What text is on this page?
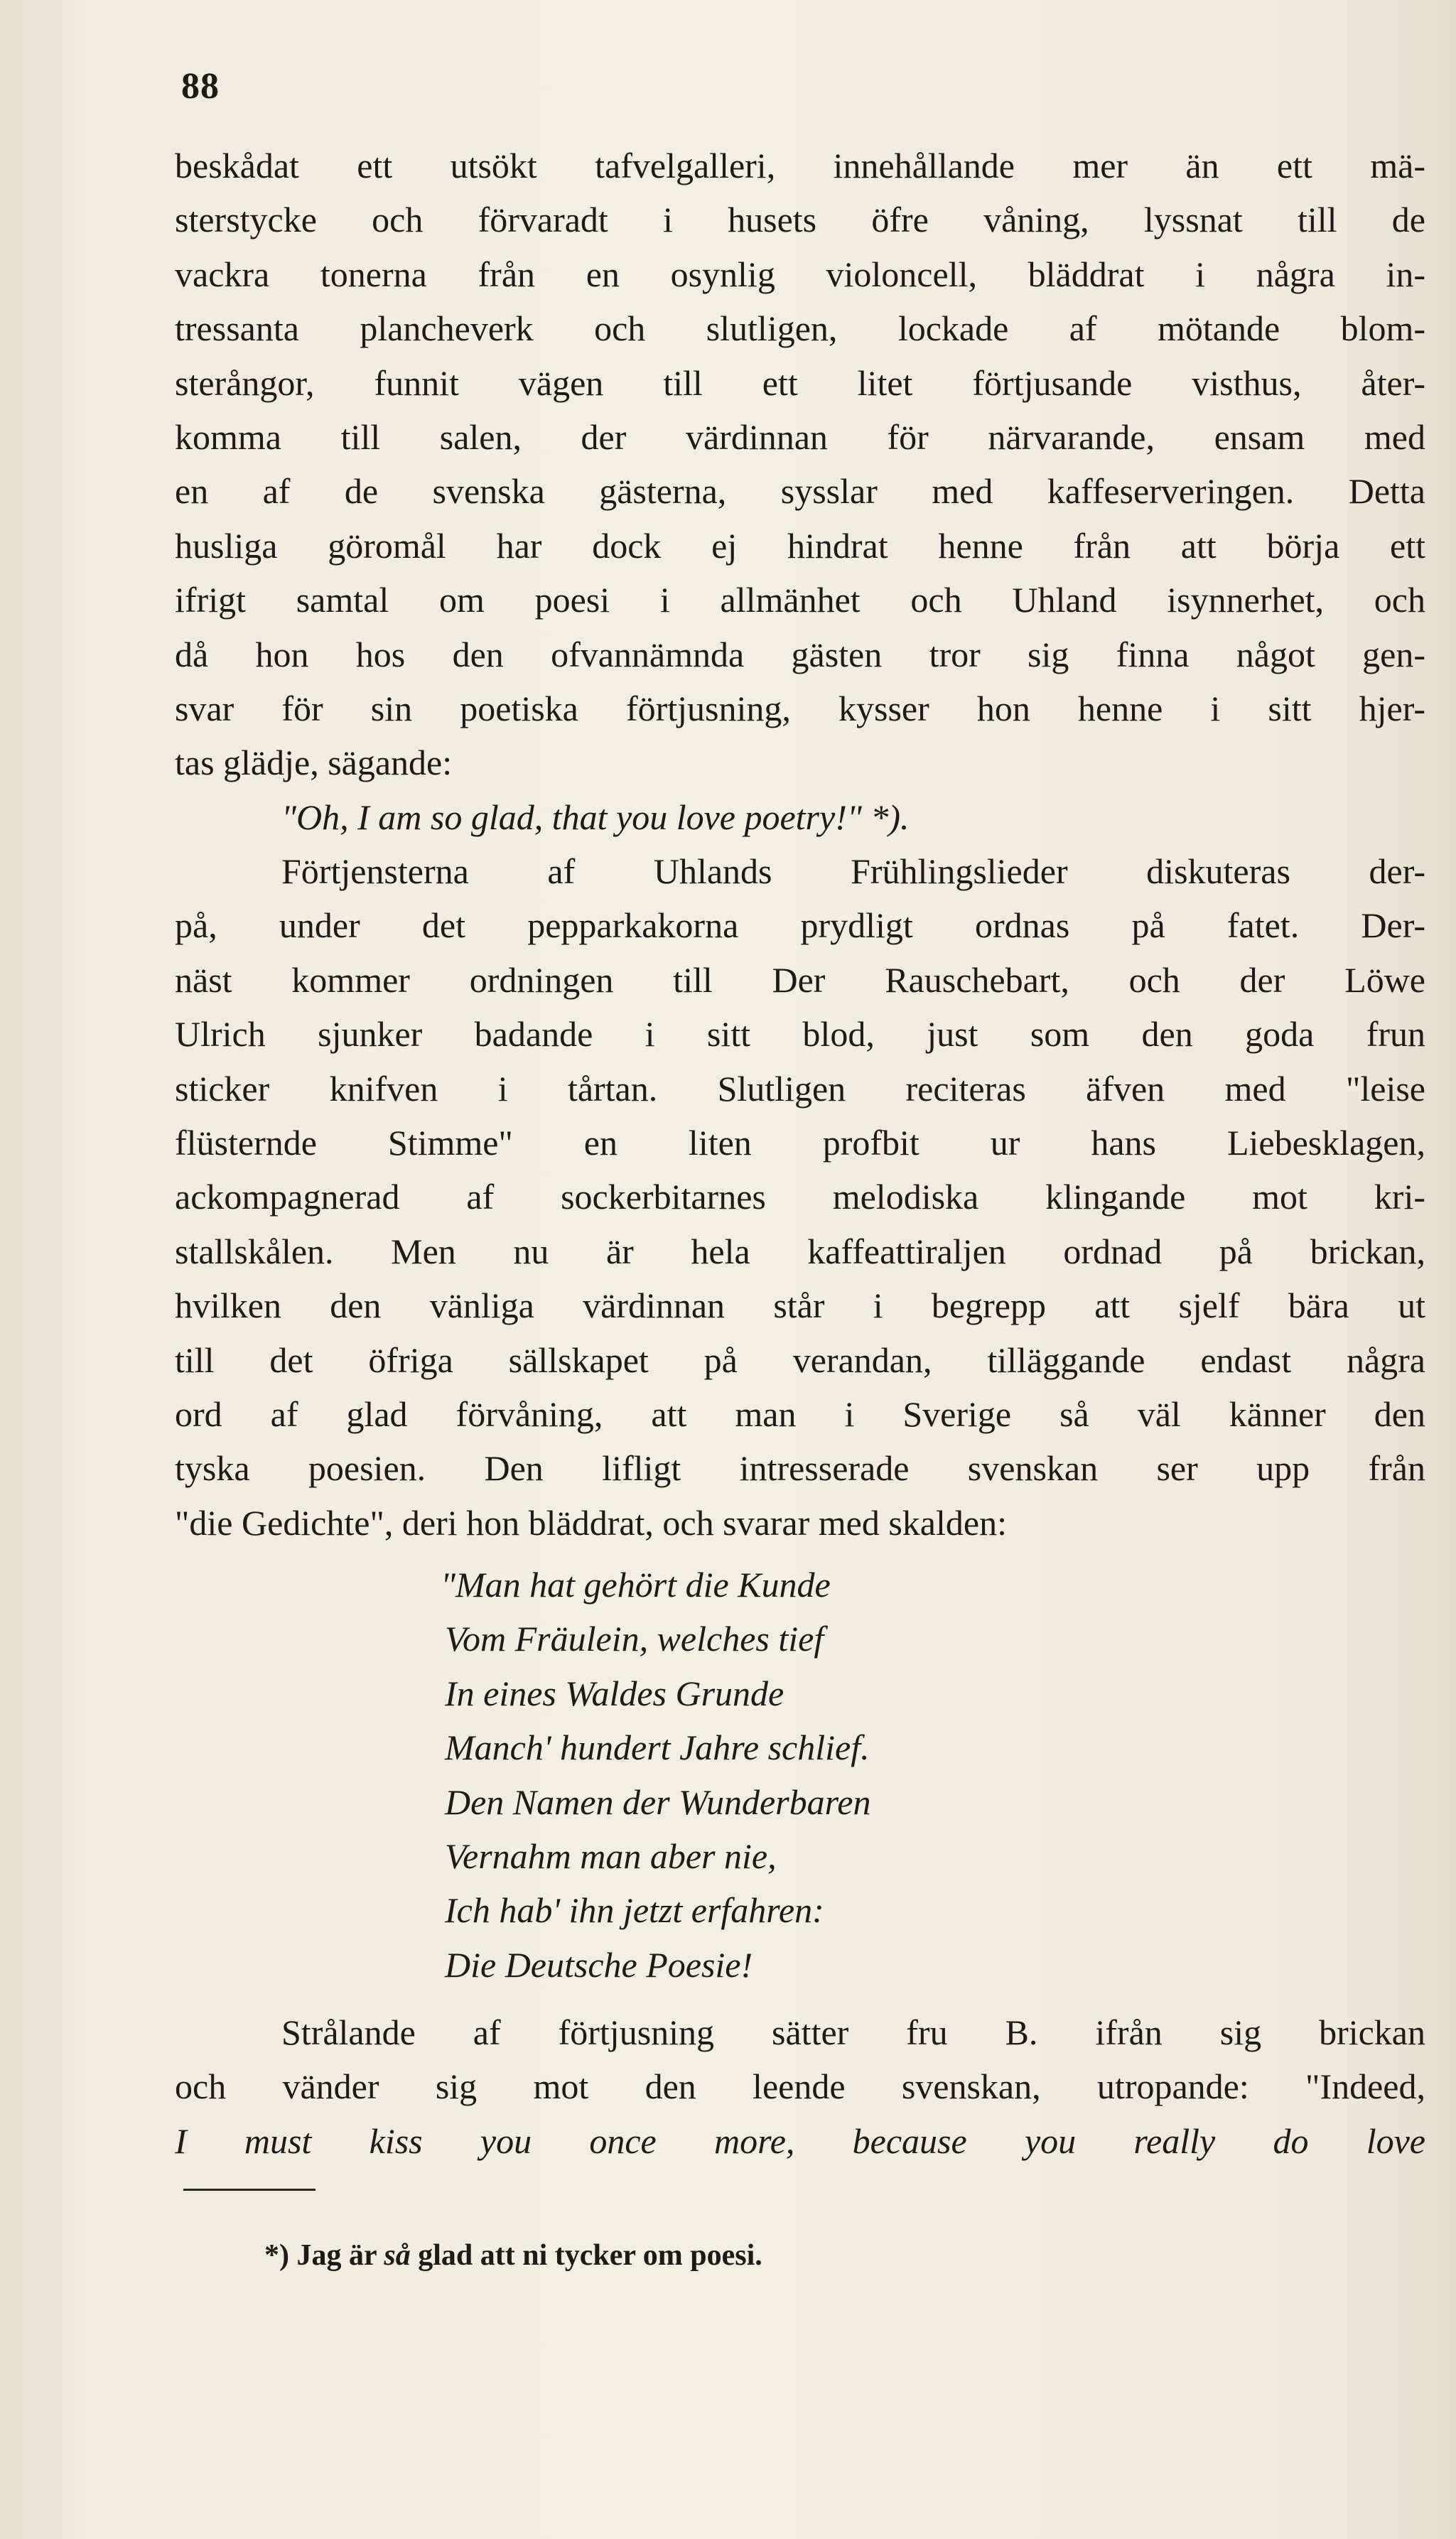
88
beskådat ett utsökt tafvelgalleri, innehållande mer än ett mä-
sterstycke och förvaradt i husets öfre våning, lyssnat till de
vackra tonerna från en osynlig violoncell, bläddrat i några in-
tressanta plancheverk och slutligen, lockade af mötande blom-
sterångor, funnit vägen till ett litet förtjusande visthus, åter-
komma till salen, der värdinnan för närvarande, ensam med
en af de svenska gästerna, sysslar med kaffeserveringen. Detta
husliga göromål har dock ej hindrat henne från att börja ett
ifrigt samtal om poesi i allmänhet och Uhland isynnerhet, och
då hon hos den ofvannämnda gästen tror sig finna något gen-
svar för sin poetiska förtjusning, kysser hon henne i sitt hjer-
tas glädje, sägande:
"Oh, I am so glad, that you love poetry!" *).
Förtjensterna af Uhlands Frühlingslieder diskuteras der-
på, under det pepparkakorna prydligt ordnas på fatet. Der-
näst kommer ordningen till Der Rauschebart, och der Löwe
Ulrich sjunker badande i sitt blod, just som den goda frun
sticker knifven i tårtan. Slutligen reciteras äfven med "leise
flüsternde Stimme" en liten profbit ur hans Liebesklagen,
ackompagnerad af sockerbitarnes melodiska klingande mot kri-
stallskålen. Men nu är hela kaffeattiraljen ordnad på brickan,
hvilken den vänliga värdinnan står i begrepp att sjelf bära ut
till det öfriga sällskapet på verandan, tilläggande endast några
ord af glad förvåning, att man i Sverige så väl känner den
tyska poesien. Den lifligt intresserade svenskan ser upp från
"die Gedichte", deri hon bläddrat, och svarar med skalden:
"Man hat gehört die Kunde
Vom Fräulein, welches tief
In eines Waldes Grunde
Manch' hundert Jahre schlief.
Den Namen der Wunderbaren
Vernahm man aber nie,
Ich hab' ihn jetzt erfahren:
Die Deutsche Poesie!
Strålande af förtjusning sätter fru B. ifrån sig brickan
och vänder sig mot den leende svenskan, utropande: "Indeed,
I must kiss you once more, because you really do love
*) Jag är så glad att ni tycker om poesi.
